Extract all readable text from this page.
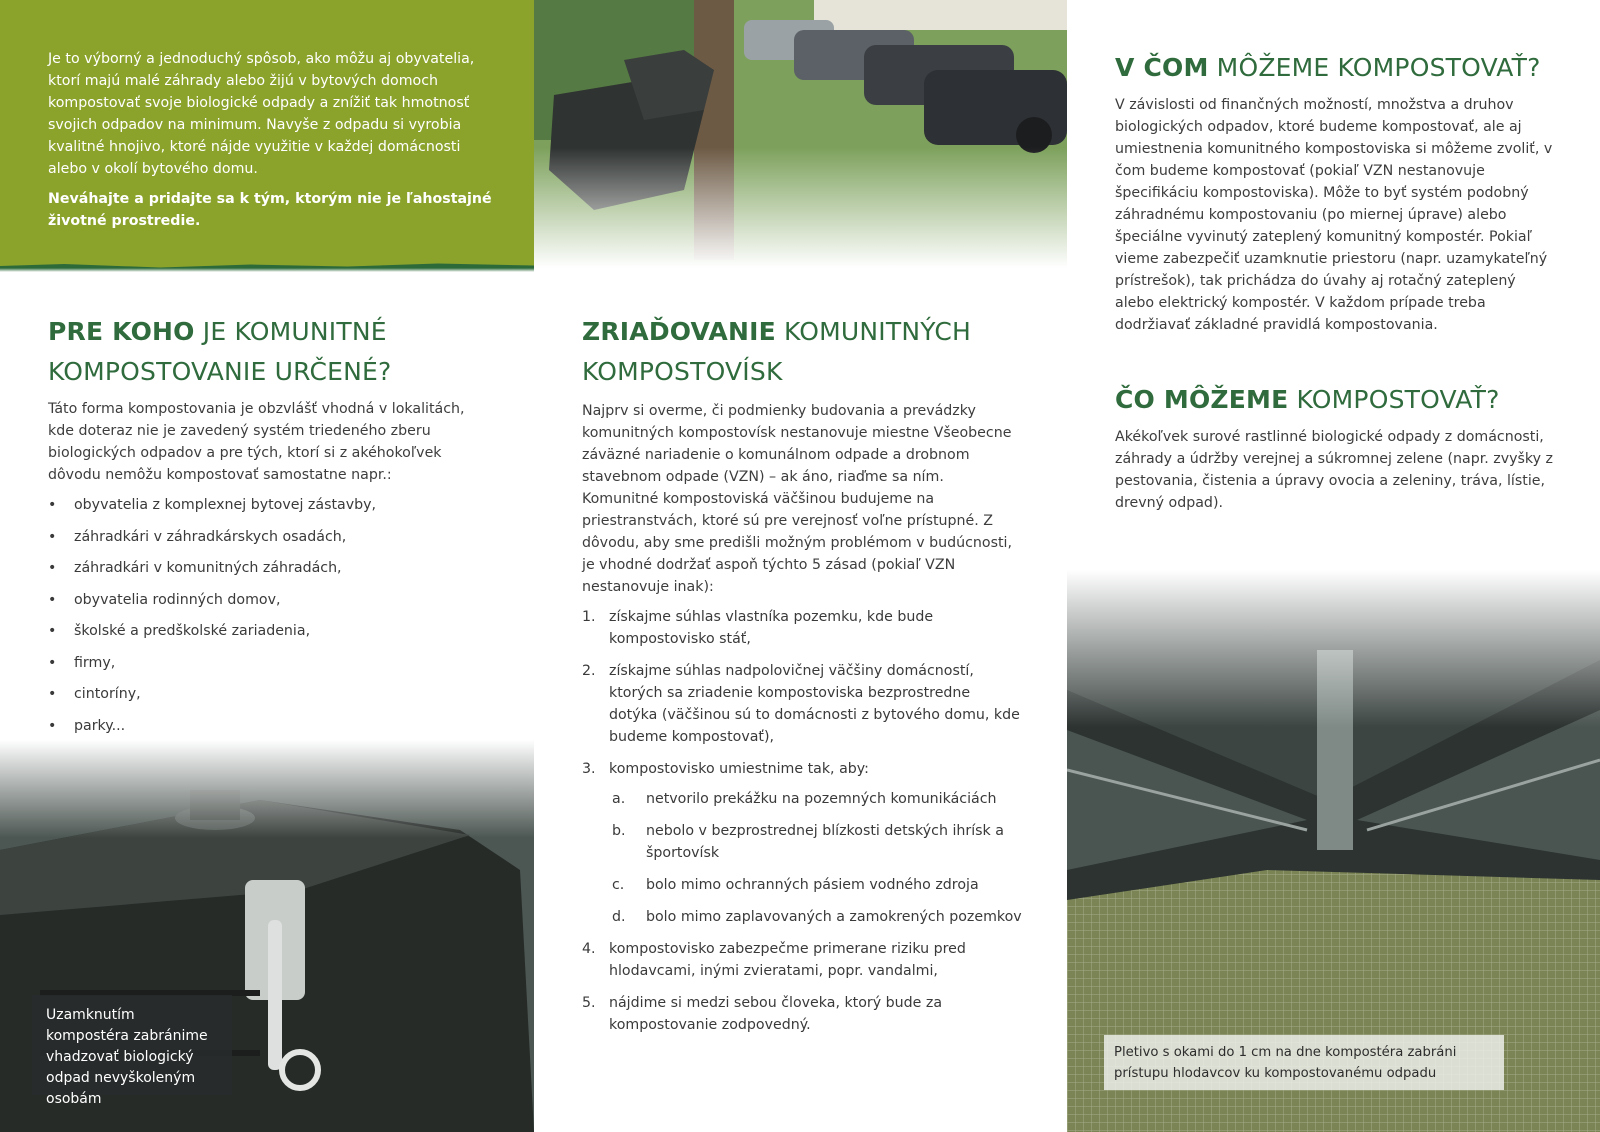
Je to výborný a jednoduchý spôsob, ako môžu aj obyvatelia, ktorí majú malé záhrady alebo žijú v bytových domoch kompostovať svoje biologické odpady a znížiť tak hmotnosť svojich odpadov na minimum. Navyše z odpadu si vyrobia kvalitné hnojivo, ktoré nájde využitie v každej domácnosti alebo v okolí bytového domu.

Neváhajte a pridajte sa k tým, ktorým nie je ľahostajné životné prostredie.

PRE KOHO JE KOMUNITNÉ KOMPOSTOVANIE URČENÉ?

Táto forma kompostovania je obzvlášť vhodná v lokalitách, kde doteraz nie je zavedený systém triedeného zberu biologických odpadov a pre tých, ktorí si z akéhokoľvek dôvodu nemôžu kompostovať samostatne napr.:

• obyvatelia z komplexnej bytovej zástavby,
• záhradkári v záhradkárskych osadách,
• záhradkári v komunitných záhradách,
• obyvatelia rodinných domov,
• školské a predškolské zariadenia,
• firmy,
• cintoríny,
• parky...
Uzamknutím kompostéra zabránime vhadzovať biologický odpad nevyškoleným osobám
ZRIAĎOVANIE KOMUNITNÝCH KOMPOSTOVÍSK

Najprv si overme, či podmienky budovania a prevádzky komunitných kompostovísk nestanovuje miestne Všeobecne záväzné nariadenie o komunálnom odpade a drobnom stavebnom odpade (VZN) – ak áno, riaďme sa ním. Komunitné kompostoviská väčšinou budujeme na priestranstvách, ktoré sú pre verejnosť voľne prístupné. Z dôvodu, aby sme predišli možným problémom v budúcnosti, je vhodné dodržať aspoň týchto 5 zásad (pokiaľ VZN nestanovuje inak):

1. získajme súhlas vlastníka pozemku, kde bude kompostovisko stáť,
2. získajme súhlas nadpolovičnej väčšiny domácností, ktorých sa zriadenie kompostoviska bezprostredne dotýka (väčšinou sú to domácnosti z bytového domu, kde budeme kompostovať),
3. kompostovisko umiestnime tak, aby:
a. netvorilo prekážku na pozemných komunikáciách
b. nebolo v bezprostrednej blízkosti detských ihrísk a športovísk
c. bolo mimo ochranných pásiem vodného zdroja
d. bolo mimo zaplavovaných a zamokrených pozemkov
4. kompostovisko zabezpečme primerane riziku pred hlodavcami, inými zvieratami, popr. vandalmi,
5. nájdime si medzi sebou človeka, ktorý bude za kompostovanie zodpovedný.
V ČOM MÔŽEME KOMPOSTOVAŤ?

V závislosti od finančných možností, množstva a druhov biologických odpadov, ktoré budeme kompostovať, ale aj umiestnenia komunitného kompostoviska si môžeme zvoliť, v čom budeme kompostovať (pokiaľ VZN nestanovuje špecifikáciu kompostoviska). Môže to byť systém podobný záhradnému kompostovaniu (po miernej úprave) alebo špeciálne vyvinutý zateplený komunitný kompostér. Pokiaľ vieme zabezpečiť uzamknutie priestoru (napr. uzamykateľný prístrešok), tak prichádza do úvahy aj rotačný zateplený alebo elektrický kompostér. V každom prípade treba dodržiavať základné pravidlá kompostovania.

ČO MÔŽEME KOMPOSTOVAŤ?

Akékoľvek surové rastlinné biologické odpady z domácnosti, záhrady a údržby verejnej a súkromnej zelene (napr. zvyšky z pestovania, čistenia a úpravy ovocia a zeleniny, tráva, lístie, drevný odpad).

Pletivo s okami do 1 cm na dne kompostéra zabráni prístupu hlodavcov ku kompostovanému odpadu
